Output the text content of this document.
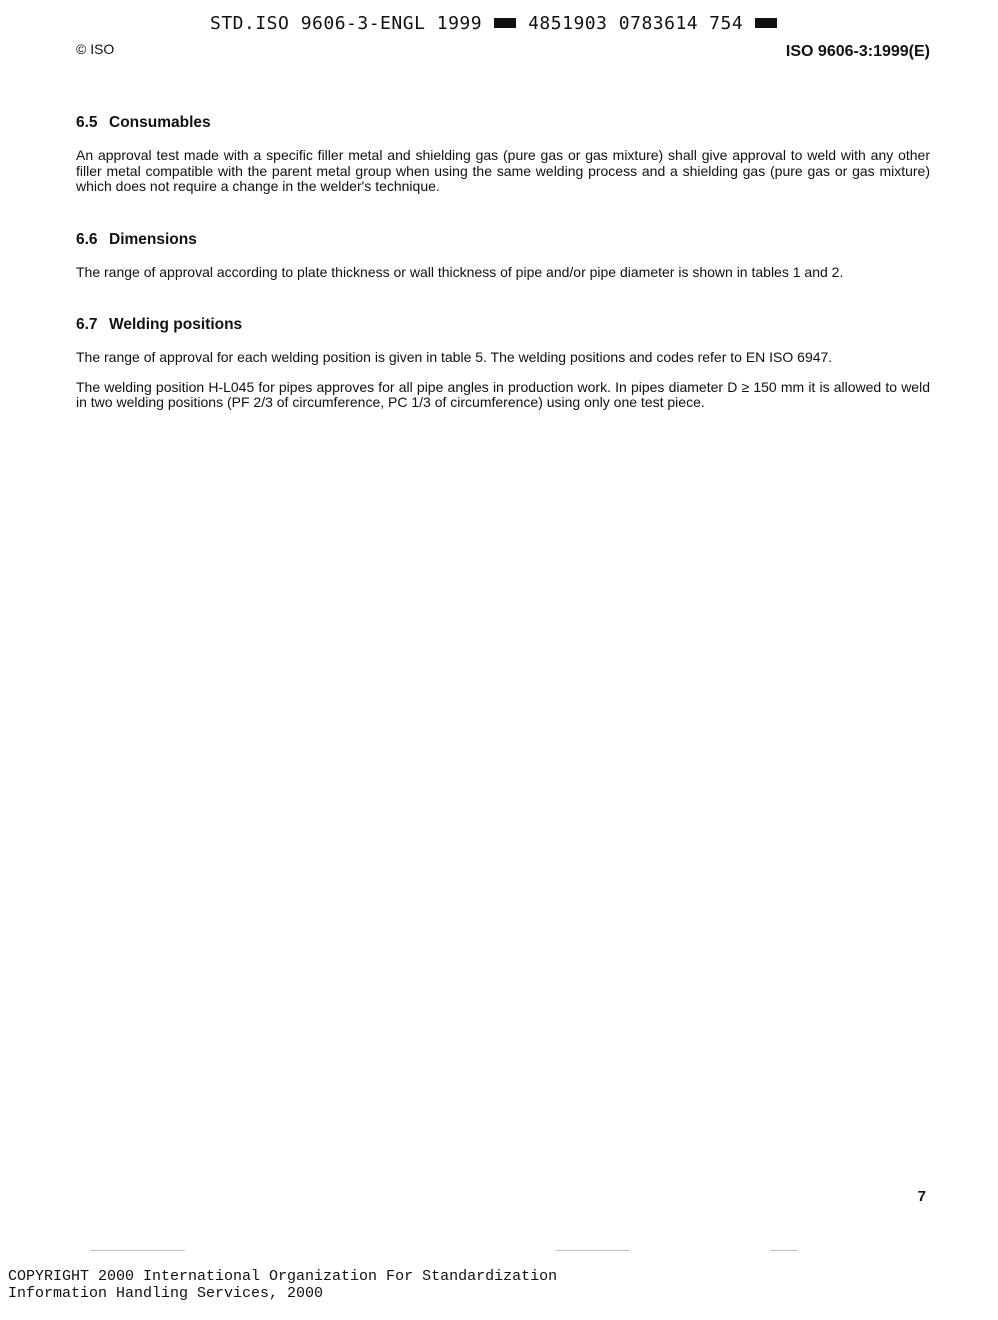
STD.ISO 9606-3-ENGL 1999	4851903 0783614 754
© ISO	ISO 9606-3:1999(E)
6.5 Consumables

An approval test made with a specific filler metal and shielding gas (pure gas or gas mixture) shall give approval to weld with any other filler metal compatible with the parent metal group when using the same welding process and a shielding gas (pure gas or gas mixture) which does not require a change in the welder's technique.

6.6 Dimensions

The range of approval according to plate thickness or wall thickness of pipe and/or pipe diameter is shown in tables 1 and 2.

6.7 Welding positions

The range of approval for each welding position is given in table 5. The welding positions and codes refer to EN ISO 6947.

The welding position H-L045 for pipes approves for all pipe angles in production work. In pipes diameter D ≥ 150 mm it is allowed to weld in two welding positions (PF 2/3 of circumference, PC 1/3 of circumference) using only one test piece.

7
COPYRIGHT 2000 International Organization For Standardization
Information Handling Services, 2000
